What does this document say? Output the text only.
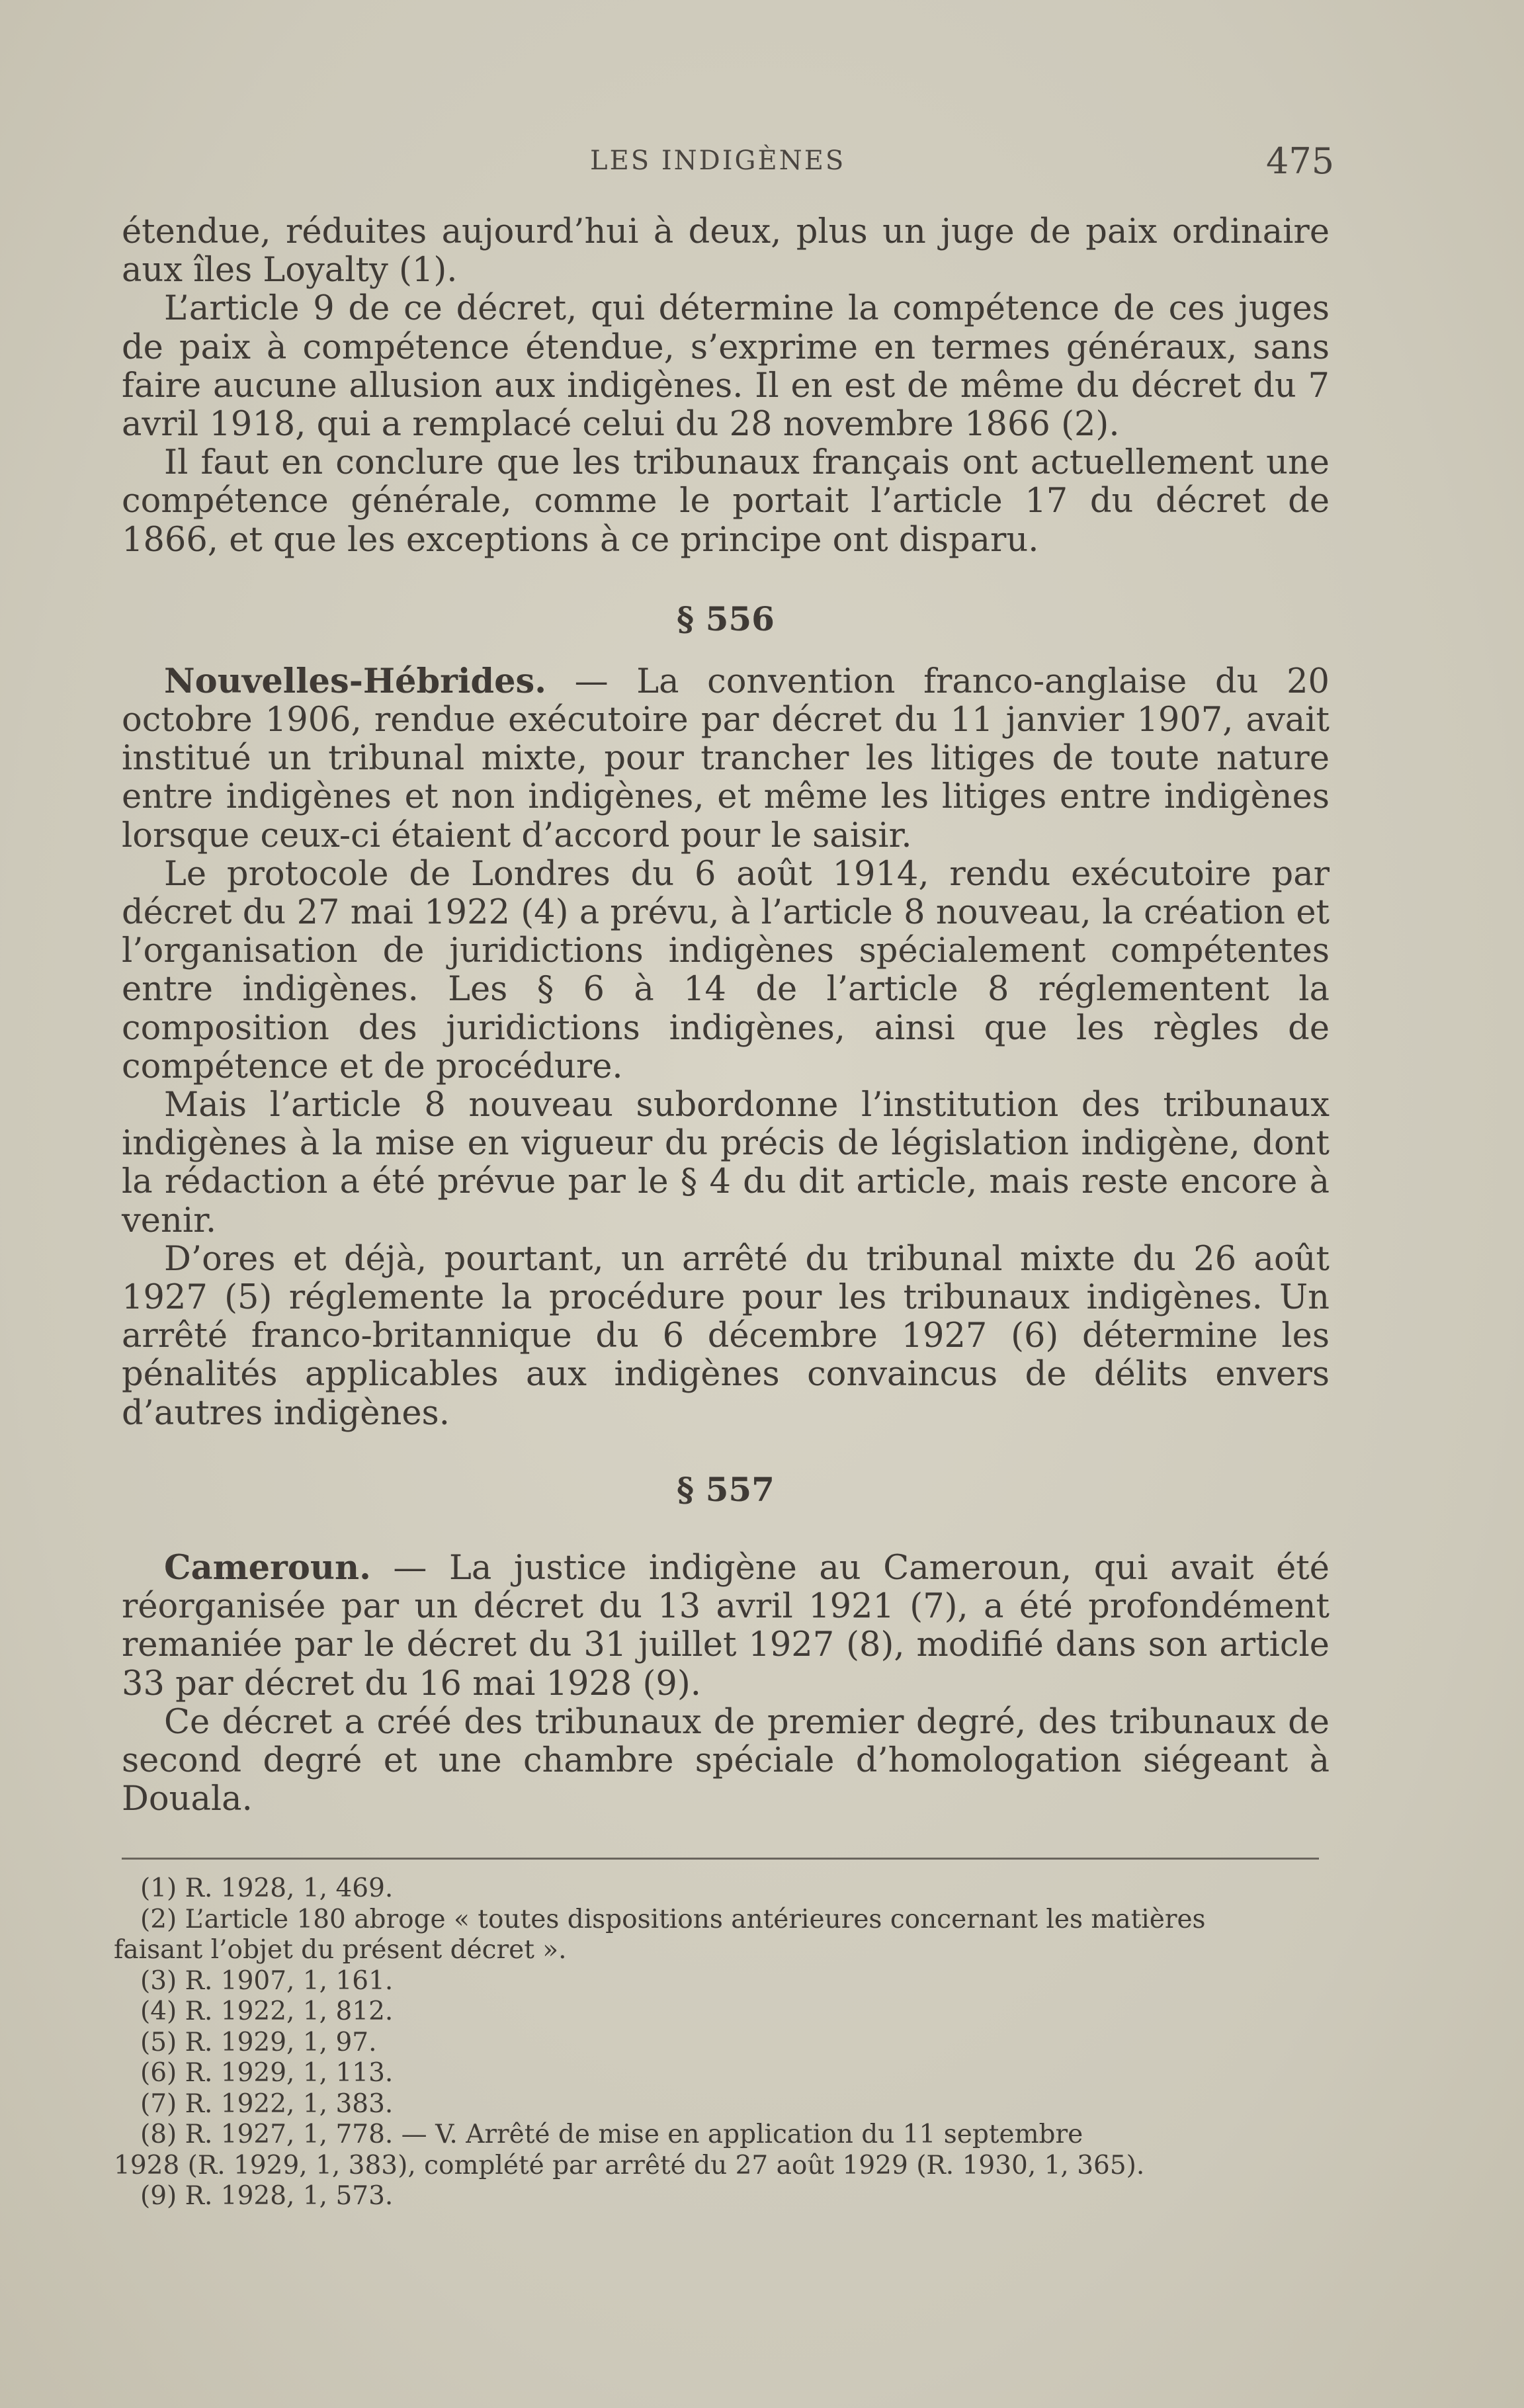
LES INDIGÈNES	475

étendue, réduites aujourd’hui à deux, plus un juge de paix ordinaire aux îles Loyalty (1).

L’article 9 de ce décret, qui détermine la compétence de ces juges de paix à compétence étendue, s’exprime en termes généraux, sans faire aucune allusion aux indigènes. Il en est de même du décret du 7 avril 1918, qui a remplacé celui du 28 novembre 1866 (2).

Il faut en conclure que les tribunaux français ont actuellement une compétence générale, comme le portait l’article 17 du décret de 1866, et que les exceptions à ce principe ont disparu.

§ 556

Nouvelles-Hébrides. — La convention franco-anglaise du 20 octobre 1906, rendue exécutoire par décret du 11 janvier 1907, avait institué un tribunal mixte, pour trancher les litiges de toute nature entre indigènes et non indigènes, et même les litiges entre indigènes lorsque ceux-ci étaient d’accord pour le saisir.

Le protocole de Londres du 6 août 1914, rendu exécutoire par décret du 27 mai 1922 (4) a prévu, à l’article 8 nouveau, la création et l’organisation de juridictions indigènes spécialement compétentes entre indigènes. Les § 6 à 14 de l’article 8 réglementent la composition des juridictions indigènes, ainsi que les règles de compétence et de procédure.

Mais l’article 8 nouveau subordonne l’institution des tribunaux indigènes à la mise en vigueur du précis de législation indigène, dont la rédaction a été prévue par le § 4 du dit article, mais reste encore à venir.

D’ores et déjà, pourtant, un arrêté du tribunal mixte du 26 août 1927 (5) réglemente la procédure pour les tribunaux indigènes. Un arrêté franco-britannique du 6 décembre 1927 (6) détermine les pénalités applicables aux indigènes convaincus de délits envers d’autres indigènes.

§ 557

Cameroun. — La justice indigène au Cameroun, qui avait été réorganisée par un décret du 13 avril 1921 (7), a été profondément remaniée par le décret du 31 juillet 1927 (8), modifié dans son article 33 par décret du 16 mai 1928 (9).

Ce décret a créé des tribunaux de premier degré, des tribunaux de second degré et une chambre spéciale d’homologation siégeant à Douala.

(1) R. 1928, 1, 469.

(2) L’article 180 abroge « toutes dispositions antérieures concernant les matières

faisant l’objet du présent décret ».

(3) R. 1907, 1, 161.

(4) R. 1922, 1, 812.

(5) R. 1929, 1, 97.

(6) R. 1929, 1, 113.

(7) R. 1922, 1, 383.

(8) R. 1927, 1, 778. — V. Arrêté de mise en application du 11 septembre

1928 (R. 1929, 1, 383), complété par arrêté du 27 août 1929 (R. 1930, 1, 365).

(9) R. 1928, 1, 573.
